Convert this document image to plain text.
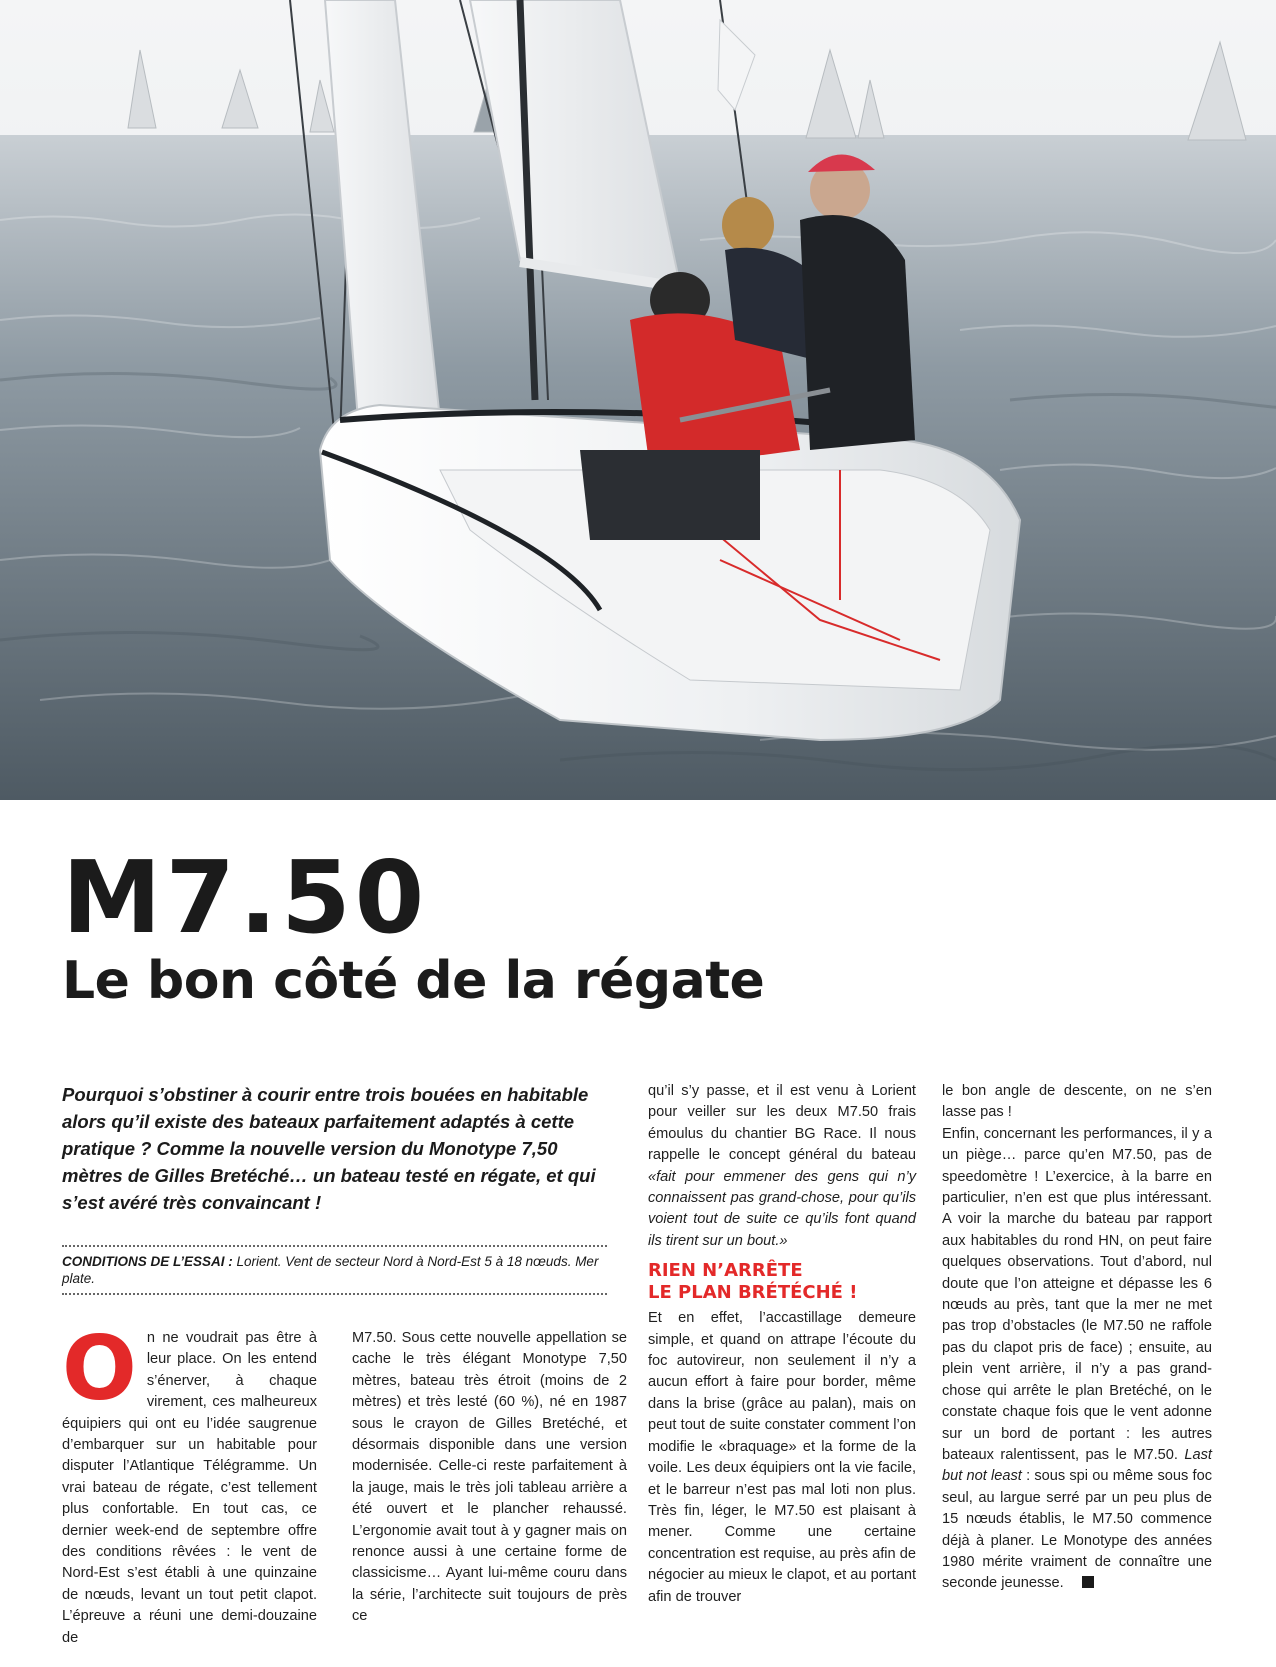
M7.50
Le bon côté de la régate
Pourquoi s’obstiner à courir entre trois bouées en habitable alors qu’il existe des bateaux parfaitement adaptés à cette pratique ? Comme la nouvelle version du Monotype 7,50 mètres de Gilles Bretéché… un bateau testé en régate, et qui s’est avéré très convaincant !
CONDITIONS DE L’ESSAI : Lorient. Vent de secteur Nord à Nord-Est 5 à 18 nœuds. Mer plate.
O n ne voudrait pas être à leur place. On les entend s’énerver, à chaque virement, ces malheureux équipiers qui ont eu l’idée saugrenue d’embarquer sur un habitable pour disputer l’Atlantique Télégramme. Un vrai bateau de régate, c’est tellement plus confortable. En tout cas, ce dernier week-end de septembre offre des conditions rêvées : le vent de Nord-Est s’est établi à une quinzaine de nœuds, levant un tout petit clapot. L’épreuve a réuni une demi-douzaine de

M7.50. Sous cette nouvelle appellation se cache le très élégant Monotype 7,50 mètres, bateau très étroit (moins de 2 mètres) et très lesté (60 %), né en 1987 sous le crayon de Gilles Bretéché, et désormais disponible dans une version modernisée. Celle-ci reste parfaitement à la jauge, mais le très joli tableau arrière a été ouvert et le plancher rehaussé. L’ergonomie avait tout à y gagner mais on renonce aussi à une certaine forme de classicisme… Ayant lui-même couru dans la série, l’architecte suit toujours de près ce

qu’il s’y passe, et il est venu à Lorient pour veiller sur les deux M7.50 frais émoulus du chantier BG Race. Il nous rappelle le concept général du bateau «fait pour emmener des gens qui n’y connaissent pas grand-chose, pour qu’ils voient tout de suite ce qu’ils font quand ils tirent sur un bout.»

RIEN N’ARRÊTE
LE PLAN BRÉTÉCHÉ !

Et en effet, l’accastillage demeure simple, et quand on attrape l’écoute du foc autovireur, non seulement il n’y a aucun effort à faire pour border, même dans la brise (grâce au palan), mais on peut tout de suite constater comment l’on modifie le «braquage» et la forme de la voile. Les deux équipiers ont la vie facile, et le barreur n’est pas mal loti non plus. Très fin, léger, le M7.50 est plaisant à mener. Comme une certaine concentration est requise, au près afin de négocier au mieux le clapot, et au portant afin de trouver

le bon angle de descente, on ne s’en lasse pas !

Enfin, concernant les performances, il y a un piège… parce qu’en M7.50, pas de speedomètre ! L’exercice, à la barre en particulier, n’en est que plus intéressant. A voir la marche du bateau par rapport aux habitables du rond HN, on peut faire quelques observations. Tout d’abord, nul doute que l’on atteigne et dépasse les 6 nœuds au près, tant que la mer ne met pas trop d’obstacles (le M7.50 ne raffole pas du clapot pris de face) ; ensuite, au plein vent arrière, il n’y a pas grand-chose qui arrête le plan Bretéché, on le constate chaque fois que le vent adonne sur un bord de portant : les autres bateaux ralentissent, pas le M7.50. Last but not least : sous spi ou même sous foc seul, au largue serré par un peu plus de 15 nœuds établis, le M7.50 commence déjà à planer. Le Monotype des années 1980 mérite vraiment de connaître une seconde jeunesse.
